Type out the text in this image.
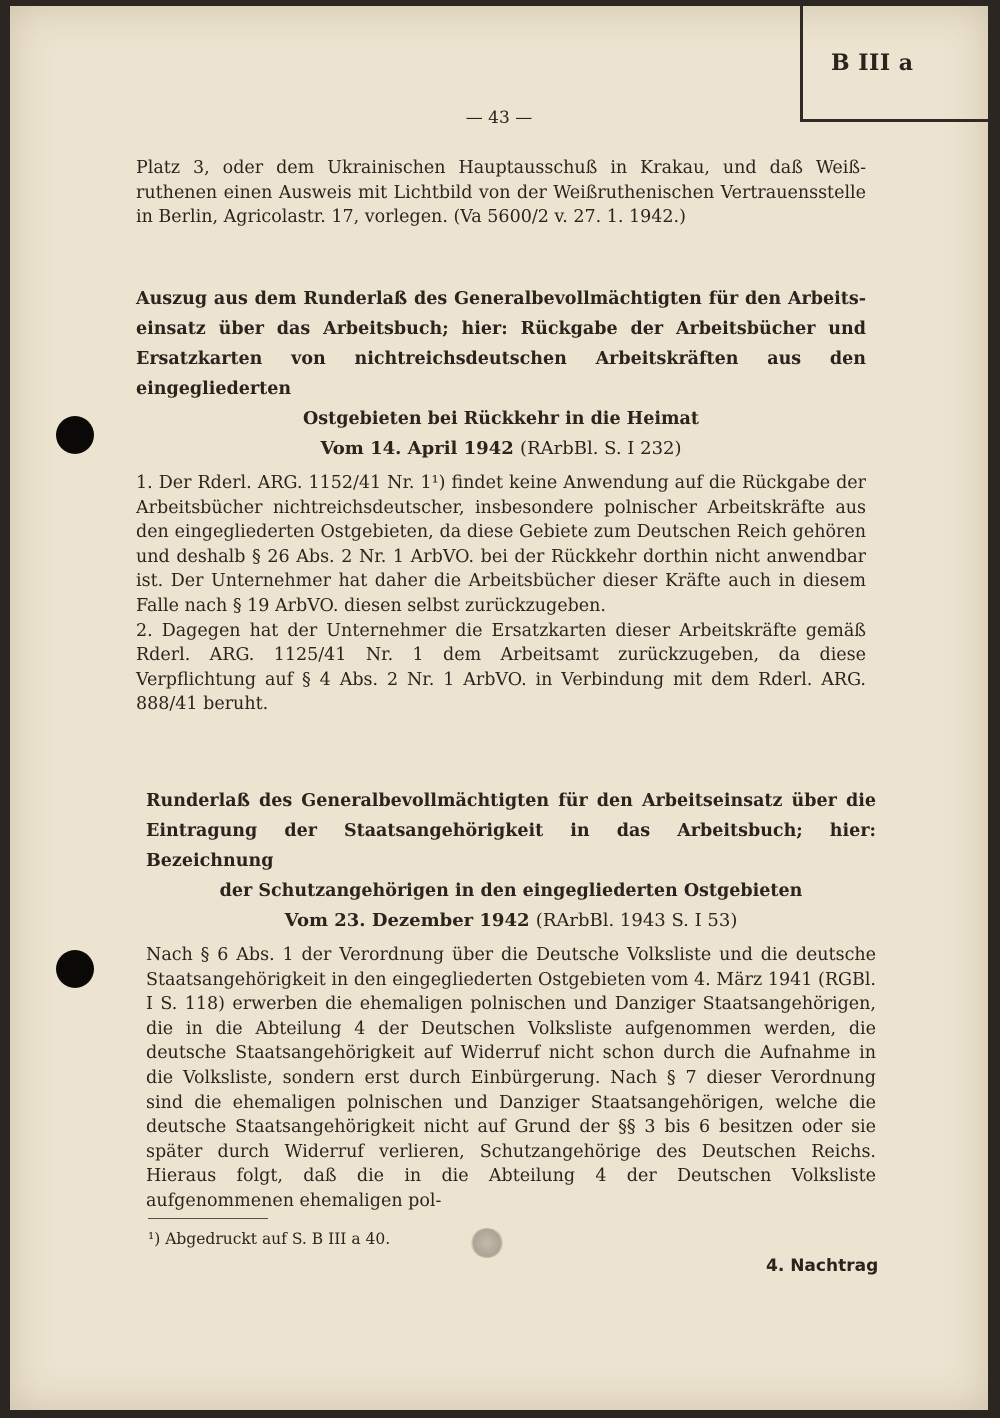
B III a
— 43 —

Platz 3, oder dem Ukrainischen Hauptausschuß in Krakau, und daß Weißruthenen einen Ausweis mit Lichtbild von der Weißruthenischen Vertrauensstelle in Berlin, Agricolastr. 17, vorlegen. (Va 5600/2 v. 27. 1. 1942.)

Auszug aus dem Runderlaß des Generalbevollmächtigten für den Arbeitseinsatz über das Arbeitsbuch; hier: Rückgabe der Arbeitsbücher und Ersatzkarten von nichtreichsdeutschen Arbeitskräften aus den eingegliederten
Ostgebieten bei Rückkehr in die Heimat

Vom 14. April 1942 (RArbBl. S. I 232)

1. Der Rderl. ARG. 1152/41 Nr. 1¹) findet keine Anwendung auf die Rückgabe der Arbeitsbücher nichtreichsdeutscher, insbesondere polnischer Arbeitskräfte aus den eingegliederten Ostgebieten, da diese Gebiete zum Deutschen Reich gehören und deshalb § 26 Abs. 2 Nr. 1 ArbVO. bei der Rückkehr dorthin nicht anwendbar ist. Der Unternehmer hat daher die Arbeitsbücher dieser Kräfte auch in diesem Falle nach § 19 ArbVO. diesen selbst zurückzugeben.

2. Dagegen hat der Unternehmer die Ersatzkarten dieser Arbeitskräfte gemäß Rderl. ARG. 1125/41 Nr. 1 dem Arbeitsamt zurückzugeben, da diese Verpflichtung auf § 4 Abs. 2 Nr. 1 ArbVO. in Verbindung mit dem Rderl. ARG. 888/41 beruht.

Runderlaß des Generalbevollmächtigten für den Arbeitseinsatz über die Eintragung der Staatsangehörigkeit in das Arbeitsbuch; hier: Bezeichnung
der Schutzangehörigen in den eingegliederten Ostgebieten

Vom 23. Dezember 1942 (RArbBl. 1943 S. I 53)

Nach § 6 Abs. 1 der Verordnung über die Deutsche Volksliste und die deutsche Staatsangehörigkeit in den eingegliederten Ostgebieten vom 4. März 1941 (RGBl. I S. 118) erwerben die ehemaligen polnischen und Danziger Staatsangehörigen, die in die Abteilung 4 der Deutschen Volksliste aufgenommen werden, die deutsche Staatsangehörigkeit auf Widerruf nicht schon durch die Aufnahme in die Volksliste, sondern erst durch Einbürgerung. Nach § 7 dieser Verordnung sind die ehemaligen polnischen und Danziger Staatsangehörigen, welche die deutsche Staatsangehörigkeit nicht auf Grund der §§ 3 bis 6 besitzen oder sie später durch Widerruf verlieren, Schutzangehörige des Deutschen Reichs. Hieraus folgt, daß die in die Abteilung 4 der Deutschen Volksliste aufgenommenen ehemaligen pol-

¹) Abgedruckt auf S. B III a 40.
4. Nachtrag
